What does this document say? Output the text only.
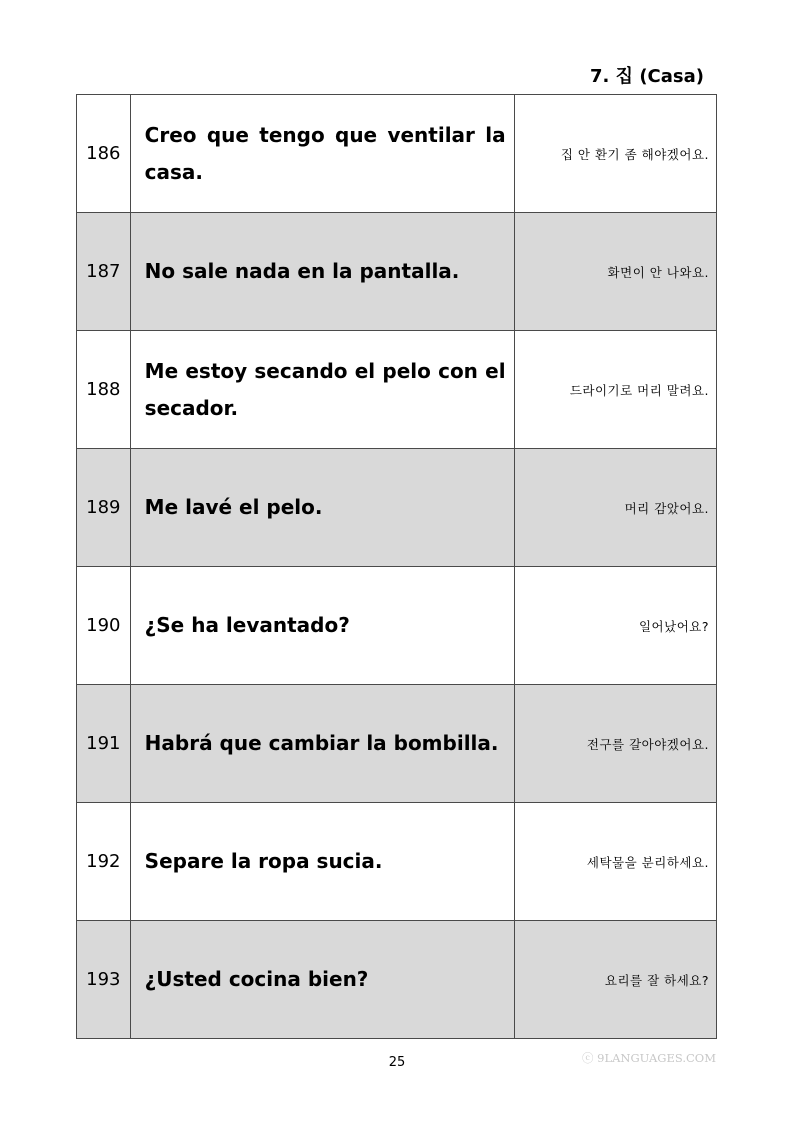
7. 집 (Casa)
186	Creo que tengo que ventilar la casa.	집 안 환기 좀 해야겠어요.
187	No sale nada en la pantalla.	화면이 안 나와요.
188	Me estoy secando el pelo con el secador.	드라이기로 머리 말려요.
189	Me lavé el pelo.	머리 감았어요.
190	¿Se ha levantado?	일어났어요?
191	Habrá que cambiar la bombilla.	전구를 갈아야겠어요.
192	Separe la ropa sucia.	세탁물을 분리하세요.
193	¿Usted cocina bien?	요리를 잘 하세요?
25	ⓒ 9LANGUAGES.COM
